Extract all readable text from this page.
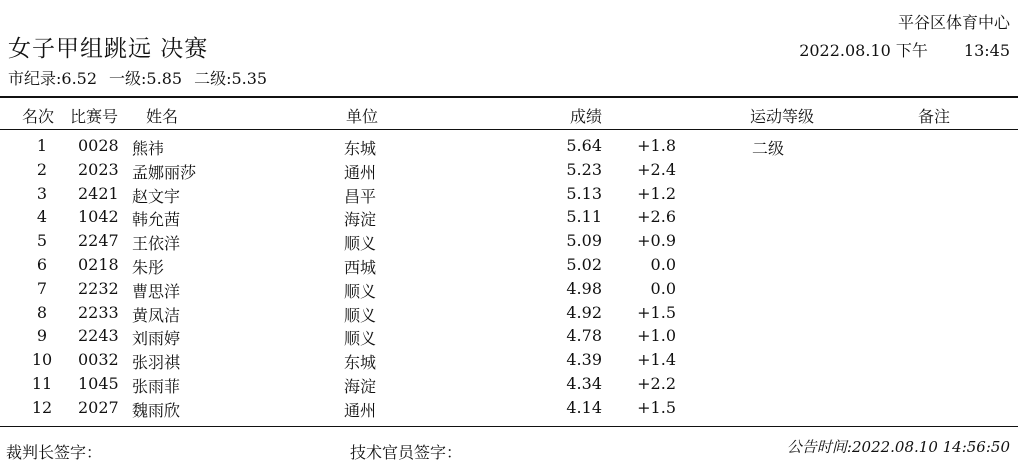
平谷区体育中心
女子甲组跳远 决赛	2022.08.10 下午 13:45
市纪录:6.52 一级:5.85 二级:5.35
名次 比赛号 姓名	单位	成绩	运动等级	备注
1	0028 熊祎	东城	5.64	+1.8	二级
2	2023 孟娜丽莎	通州	5.23	+2.4
3	2421 赵文宇	昌平	5.13	+1.2
4	1042 韩允茜	海淀	5.11	+2.6
5	2247 王依洋	顺义	5.09	+0.9
6	0218 朱彤	西城	5.02	0.0
7	2232 曹思洋	顺义	4.98	0.0
8	2233 黄凤洁	顺义	4.92	+1.5
9	2243 刘雨婷	顺义	4.78	+1.0
10 0032 张羽祺	东城	4.39	+1.4
11 1045 张雨菲	海淀	4.34	+2.2
12 2027 魏雨欣	通州	4.14	+1.5
裁判长签字：	技术官员签字：	公告时间:2022.08.10 14:56:50
